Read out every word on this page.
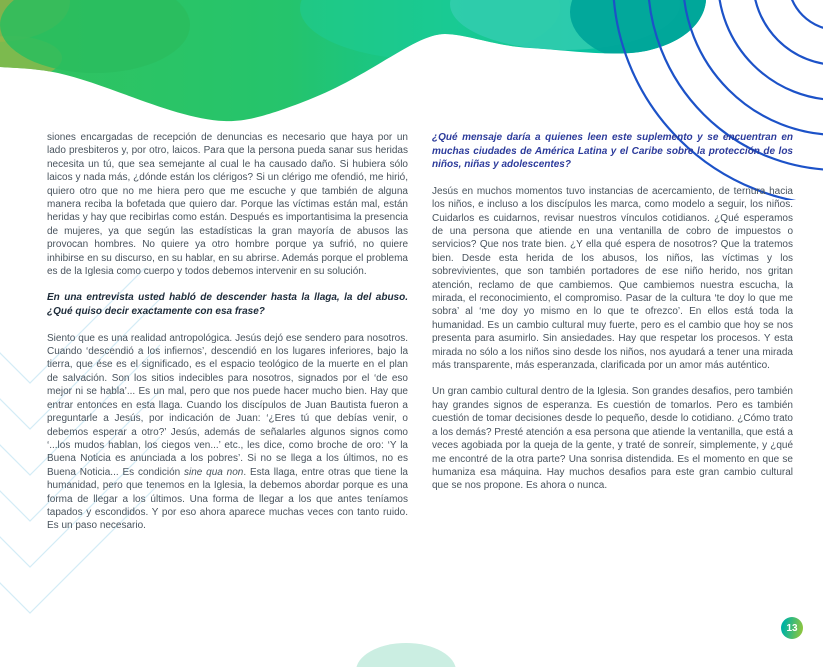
siones encargadas de recepción de denuncias es necesario que haya por un lado presbiteros y, por otro, laicos. Para que la persona pueda sanar sus heridas necesita un tú, que sea semejante al cual le ha causado daño. Si hubiera sólo laicos y nada más, ¿dónde están los clérigos? Si un clérigo me ofendió, me hirió, quiero otro que no me hiera pero que me escuche y que también de alguna manera reciba la bofetada que quiero dar. Porque las víctimas están mal, están heridas y hay que recibirlas como están. Después es importantisima la presencia de mujeres, ya que según las estadísticas la gran mayoría de abusos las provocan hombres. No quiere ya otro hombre porque ya sufrió, no quiere inhibirse en su discurso, en su hablar, en su abrirse. Además porque el problema es de la Iglesia como cuerpo y todos debemos intervenir en su solución.

En una entrevista usted habló de descender hasta la llaga, la del abuso. ¿Qué quiso decir exactamente con esa frase?

Siento que es una realidad antropológica. Jesús dejó ese sendero para nosotros. Cuando ‘descendió a los infiernos’, descendió en los lugares inferiores, bajo la tierra, que ése es el significado, es el espacio teológico de la muerte en el plan de salvación. Son los sitios indecibles para nosotros, signados por el ‘de eso mejor ni se habla’... Es un mal, pero que nos puede hacer mucho bien. Hay que entrar entonces en esta llaga. Cuando los discípulos de Juan Bautista fueron a preguntarle a Jesús, por indicación de Juan: ‘¿Eres tú que debías venir, o debemos esperar a otro?’ Jesús, además de señalarles algunos signos como ‘...los mudos hablan, los ciegos ven...’ etc., les dice, como broche de oro: ‘Y la Buena Noticia es anunciada a los pobres’. Si no se llega a los últimos, no es Buena Noticia... Es condición sine qua non. Esta llaga, entre otras que tiene la humanidad, pero que tenemos en la Iglesia, la debemos abordar porque es una forma de llegar a los últimos. Una forma de llegar a los que antes teníamos tapados y escondidos. Y por eso ahora aparece muchas veces con tanto ruido. Es un paso necesario.

¿Qué mensaje daría a quienes leen este suplemento y se encuentran en muchas ciudades de América Latina y el Caribe sobre la protección de los niños, niñas y adolescentes?

Jesús en muchos momentos tuvo instancias de acercamiento, de ternura hacia los niños, e incluso a los discípulos les marca, como modelo a seguir, los niños. Cuidarlos es cuidarnos, revisar nuestros vínculos cotidianos. ¿Qué esperamos de una persona que atiende en una ventanilla de cobro de impuestos o servicios? Que nos trate bien. ¿Y ella qué espera de nosotros? Que la tratemos bien. Desde esta herida de los abusos, los niños, las víctimas y los sobrevivientes, que son también portadores de ese niño herido, nos gritan atención, reclamo de que cambiemos. Que cambiemos nuestra escucha, la mirada, el reconocimiento, el compromiso. Pasar de la cultura ‘te doy lo que me sobra’ al ‘me doy yo mismo en lo que te ofrezco’. En ellos está toda la humanidad. Es un cambio cultural muy fuerte, pero es el cambio que hoy se nos presenta para asumirlo. Sin ansiedades. Hay que respetar los procesos. Y esta mirada no sólo a los niños sino desde los niños, nos ayudará a tener una mirada más transparente, más esperanzada, clarificada por un amor más auténtico.

Un gran cambio cultural dentro de la Iglesia. Son grandes desafios, pero también hay grandes signos de esperanza. Es cuestión de tomarlos. Pero es también cuestión de tomar decisiones desde lo pequeño, desde lo cotidiano. ¿Cómo trato a los demás? Presté atención a esa persona que atiende la ventanilla, que está a veces agobiada por la queja de la gente, y traté de sonreír, simplemente, y ¿qué me encontré de la otra parte? Una sonrisa distendida. Es el momento en que se humaniza esa máquina. Hay muchos desafios para este gran cambio cultural que se nos propone. Es ahora o nunca.

13
